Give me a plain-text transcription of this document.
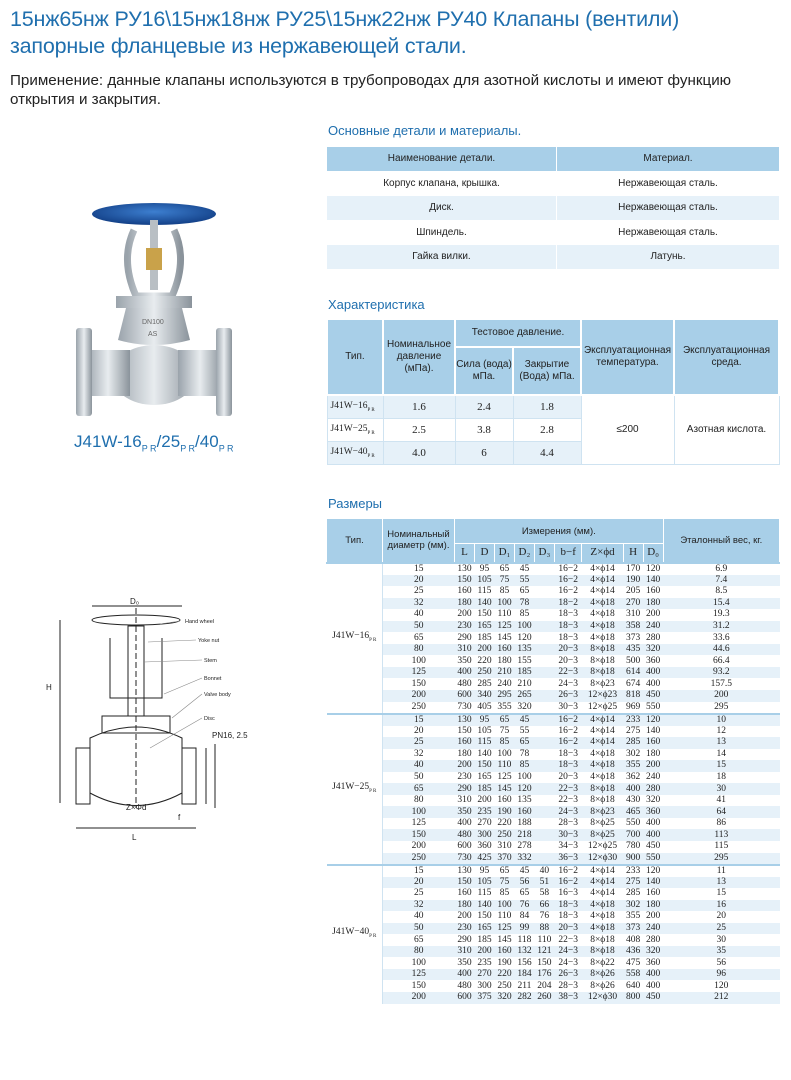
15нж65нж РУ16\15нж18нж РУ25\15нж22нж РУ40 Клапаны (вентили)
запорные фланцевые из нержавеющей стали.
Применение: данные клапаны используются в трубопроводах для азотной кислоты и имеют функцию открытия и закрытия.
DN100
AS
$J41W-16_{P R}/25_{P R}/40_{P R}$
Hand wheel
Yoke nut
Stem
Bonnet
Valve body
Disc
D₀
H
L
PN16, 2.5
Z×Φd
f
Основные детали и материалы.
Наименование детали.	Материал.
Корпус клапана, крышка.	Нержавеющая сталь.
Диск.	Нержавеющая сталь.
Шпиндель.	Нержавеющая сталь.
Гайка вилки.	Латунь.
Характеристика
Тип.	Номинальное давление (мПа).	Тестовое давление.		Эксплуатационная температура.	Эксплуатационная среда.
		Сила (вода) мПа.	Закрытие (Вода) мПа.		
$J41W-16_{P R}$	1.6	2.4	1.8	≤200	Азотная кислота.
$J41W-25_{P R}$	2.5	3.8	2.8		
$J41W-40_{P R}$	4.0	6	4.4		
Размеры
Тип.	Номинальный диаметр (мм).	Измерения (мм).									Эталонный вес, кг.
		L	D	D₁	D₂	D₃	b−f	Z×ϕd	H	D₀	
$J41W-16_{P R}$	15	130	95	65	45		16−2	4×ϕ14	170	120	6.9
	20	150	105	75	55		16−2	4×ϕ14	190	140	7.4
	25	160	115	85	65		16−2	4×ϕ14	205	160	8.5
	32	180	140	100	78		18−2	4×ϕ18	270	180	15.4
	40	200	150	110	85		18−3	4×ϕ18	310	200	19.3
	50	230	165	125	100		18−3	4×ϕ18	358	240	31.2
	65	290	185	145	120		18−3	4×ϕ18	373	280	33.6
	80	310	200	160	135		20−3	8×ϕ18	435	320	44.6
	100	350	220	180	155		20−3	8×ϕ18	500	360	66.4
	125	400	250	210	185		22−3	8×ϕ18	614	400	93.2
	150	480	285	240	210		24−3	8×ϕ23	674	400	157.5
	200	600	340	295	265		26−3	12×ϕ23	818	450	200
	250	730	405	355	320		30−3	12×ϕ25	969	550	295
$J41W-25_{P R}$	15	130	95	65	45		16−2	4×ϕ14	233	120	10
	20	150	105	75	55		16−2	4×ϕ14	275	140	12
	25	160	115	85	65		16−2	4×ϕ14	285	160	13
	32	180	140	100	78		18−3	4×ϕ18	302	180	14
	40	200	150	110	85		18−3	4×ϕ18	355	200	15
	50	230	165	125	100		20−3	4×ϕ18	362	240	18
	65	290	185	145	120		22−3	8×ϕ18	400	280	30
	80	310	200	160	135		22−3	8×ϕ18	430	320	41
	100	350	235	190	160		24−3	8×ϕ23	465	360	64
	125	400	270	220	188		28−3	8×ϕ25	550	400	86
	150	480	300	250	218		30−3	8×ϕ25	700	400	113
	200	600	360	310	278		34−3	12×ϕ25	780	450	115
	250	730	425	370	332		36−3	12×ϕ30	900	550	295
$J41W-40_{P R}$	15	130	95	65	45	40	16−2	4×ϕ14	233	120	11
	20	150	105	75	56	51	16−2	4×ϕ14	275	140	13
	25	160	115	85	65	58	16−3	4×ϕ14	285	160	15
	32	180	140	100	76	66	18−3	4×ϕ18	302	180	16
	40	200	150	110	84	76	18−3	4×ϕ18	355	200	20
	50	230	165	125	99	88	20−3	4×ϕ18	373	240	25
	65	290	185	145	118	110	22−3	8×ϕ18	408	280	30
	80	310	200	160	132	121	24−3	8×ϕ18	436	320	35
	100	350	235	190	156	150	24−3	8×ϕ22	475	360	56
	125	400	270	220	184	176	26−3	8×ϕ26	558	400	96
	150	480	300	250	211	204	28−3	8×ϕ26	640	400	120
	200	600	375	320	282	260	38−3	12×ϕ30	800	450	212
